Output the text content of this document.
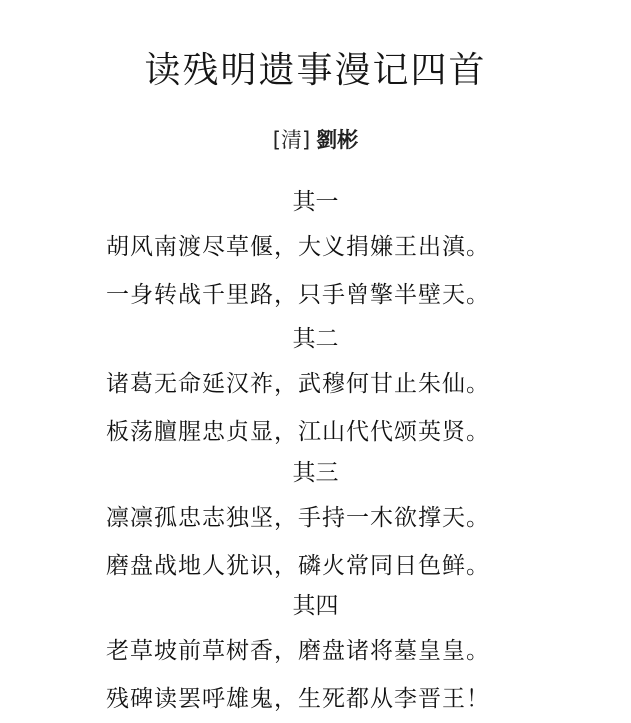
读残明遗事漫记四首
[清] 劉彬
其一
胡风南渡尽草偃，大义捐嫌王出滇。
一身转战千里路，只手曾擎半壁天。
其二
诸葛无命延汉祚，武穆何甘止朱仙。
板荡膻腥忠贞显，江山代代颂英贤。
其三
凛凛孤忠志独坚，手持一木欲撑天。
磨盘战地人犹识，磷火常同日色鲜。
其四
老草坡前草树香，磨盘诸将墓皇皇。
残碑读罢呼雄鬼，生死都从李晋王！
